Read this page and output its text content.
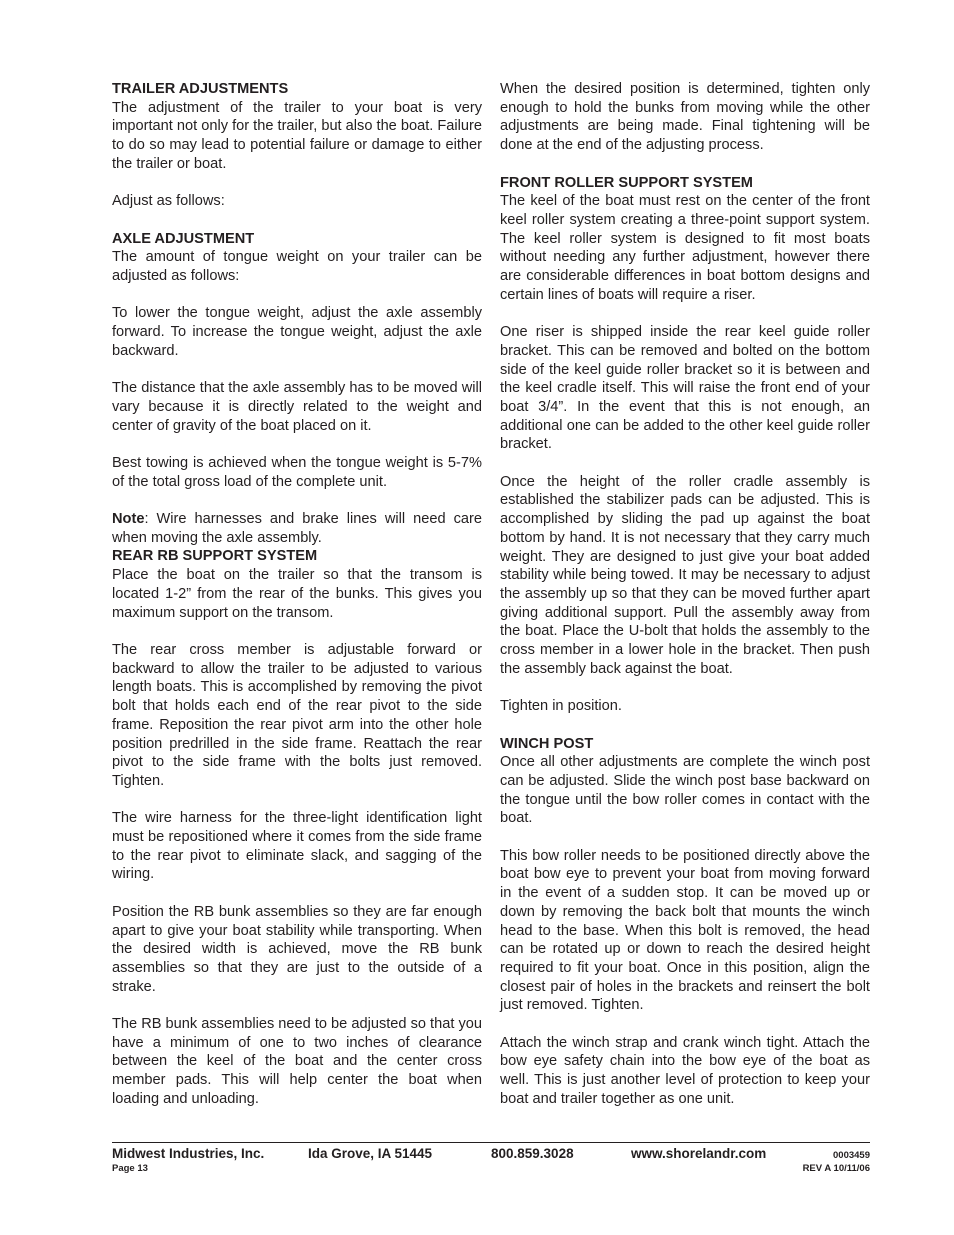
TRAILER ADJUSTMENTS

The adjustment of the trailer to your boat is very important not only for the trailer, but also the boat. Failure to do so may lead to potential failure or damage to either the trailer or boat.

Adjust as follows:

AXLE ADJUSTMENT

The amount of tongue weight on your trailer can be adjusted as follows:

To lower the tongue weight, adjust the axle assembly forward. To increase the tongue weight, adjust the axle backward.

The distance that the axle assembly has to be moved will vary because it is directly related to the weight and center of gravity of the boat placed on it.

Best towing is achieved when the tongue weight is 5-7% of the total gross load of the complete unit.

Note: Wire harnesses and brake lines will need care when moving the axle assembly.

REAR RB SUPPORT SYSTEM

Place the boat on the trailer so that the transom is located 1-2” from the rear of the bunks. This gives you maximum support on the transom.

The rear cross member is adjustable forward or backward to allow the trailer to be adjusted to various length boats. This is accomplished by removing the pivot bolt that holds each end of the rear pivot to the side frame. Reposition the rear pivot arm into the other hole position predrilled in the side frame. Reattach the rear pivot to the side frame with the bolts just removed. Tighten.

The wire harness for the three-light identification light must be repositioned where it comes from the side frame to the rear pivot to eliminate slack, and sagging of the wiring.

Position the RB bunk assemblies so they are far enough apart to give your boat stability while transporting. When the desired width is achieved, move the RB bunk assemblies so that they are just to the outside of a strake.

The RB bunk assemblies need to be adjusted so that you have a minimum of one to two inches of clearance between the keel of the boat and the center cross member pads. This will help center the boat when loading and unloading.

When the desired position is determined, tighten only enough to hold the bunks from moving while the other adjustments are being made. Final tightening will be done at the end of the adjusting process.

FRONT ROLLER SUPPORT SYSTEM

The keel of the boat must rest on the center of the front keel roller system creating a three-point support system. The keel roller system is designed to fit most boats without needing any further adjustment, however there are considerable differences in boat bottom designs and certain lines of boats will require a riser.

One riser is shipped inside the rear keel guide roller bracket. This can be removed and bolted on the bottom side of the keel guide roller bracket so it is between and the keel cradle itself. This will raise the front end of your boat 3/4”. In the event that this is not enough, an additional one can be added to the other keel guide roller bracket.

Once the height of the roller cradle assembly is established the stabilizer pads can be adjusted. This is accomplished by sliding the pad up against the boat bottom by hand. It is not necessary that they carry much weight. They are designed to just give your boat added stability while being towed. It may be necessary to adjust the assembly up so that they can be moved further apart giving additional support. Pull the assembly away from the boat. Place the U-bolt that holds the assembly to the cross member in a lower hole in the bracket. Then push the assembly back against the boat.

Tighten in position.

WINCH POST

Once all other adjustments are complete the winch post can be adjusted. Slide the winch post base backward on the tongue until the bow roller comes in contact with the boat.

This bow roller needs to be positioned directly above the boat bow eye to prevent your boat from moving forward in the event of a sudden stop. It can be moved up or down by removing the back bolt that mounts the winch head to the base. When this bolt is removed, the head can be rotated up or down to reach the desired height required to fit your boat. Once in this position, align the closest pair of holes in the brackets and reinsert the bolt just removed. Tighten.

Attach the winch strap and crank winch tight. Attach the bow eye safety chain into the bow eye of the boat as well. This is just another level of protection to keep your boat and trailer together as one unit.

Midwest Industries, Inc.	Ida Grove, IA 51445	800.859.3028	www.shorelandr.com	0003459
Page 13	REV A 10/11/06
